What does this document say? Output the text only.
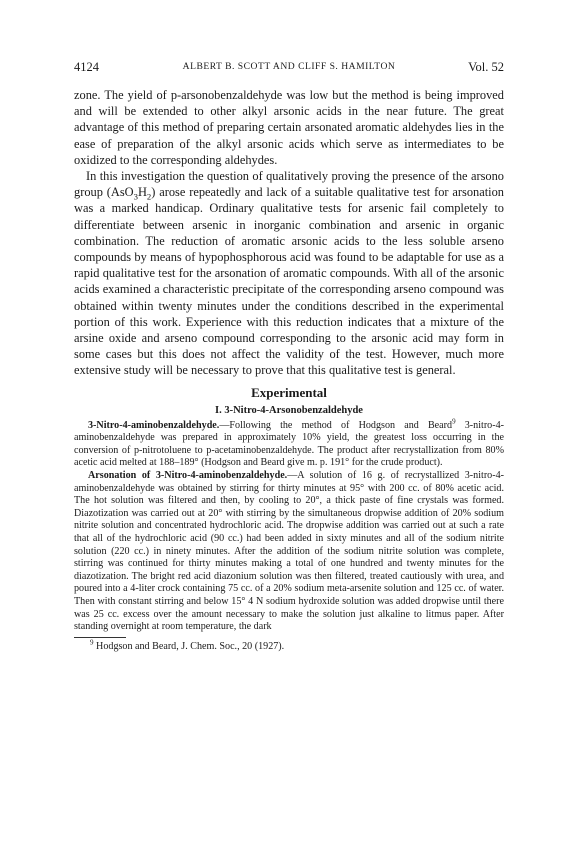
4124	ALBERT B. SCOTT AND CLIFF S. HAMILTON	Vol. 52

zone. The yield of p-arsonobenzaldehyde was low but the method is being improved and will be extended to other alkyl arsonic acids in the near future. The great advantage of this method of preparing certain arsonated aromatic aldehydes lies in the ease of preparation of the alkyl arsonic acids which serve as intermediates to be oxidized to the corresponding aldehydes.

In this investigation the question of qualitatively proving the presence of the arsono group $(AsO_3H_2)$ arose repeatedly and lack of a suitable qualitative test for arsonation was a marked handicap. Ordinary qualitative tests for arsenic fail completely to differentiate between arsenic in inorganic combination and arsenic in organic combination. The reduction of aromatic arsonic acids to the less soluble arseno compounds by means of hypophosphorous acid was found to be adaptable for use as a rapid qualitative test for the arsonation of aromatic compounds. With all of the arsonic acids examined a characteristic precipitate of the corresponding arseno compound was obtained within twenty minutes under the conditions described in the experimental portion of this work. Experience with this reduction indicates that a mixture of the arsine oxide and arseno compound corresponding to the arsonic acid may form in some cases but this does not affect the validity of the test. However, much more extensive study will be necessary to prove that this qualitative test is general.

Experimental
I. 3-Nitro-4-Arsonobenzaldehyde

3-Nitro-4-aminobenzaldehyde.—Following the method of Hodgson and Beard$^9$ 3-nitro-4-aminobenzaldehyde was prepared in approximately 10% yield, the greatest loss occurring in the conversion of p-nitrotoluene to p-acetaminobenzaldehyde. The product after recrystallization from 80% acetic acid melted at 188–189° (Hodgson and Beard give m. p. 191° for the crude product).

Arsonation of 3-Nitro-4-aminobenzaldehyde.—A solution of 16 g. of recrystallized 3-nitro-4-aminobenzaldehyde was obtained by stirring for thirty minutes at 95° with 200 cc. of 80% acetic acid. The hot solution was filtered and then, by cooling to 20°, a thick paste of fine crystals was formed. Diazotization was carried out at 20° with stirring by the simultaneous dropwise addition of 20% sodium nitrite solution and concentrated hydrochloric acid. The dropwise addition was carried out at such a rate that all of the hydrochloric acid (90 cc.) had been added in sixty minutes and all of the sodium nitrite solution (220 cc.) in ninety minutes. After the addition of the sodium nitrite solution was complete, stirring was continued for thirty minutes making a total of one hundred and twenty minutes for the diazotization. The bright red acid diazonium solution was then filtered, treated cautiously with urea, and poured into a 4-liter crock containing 75 cc. of a 20% sodium meta-arsenite solution and 125 cc. of water. Then with constant stirring and below 15° 4 N sodium hydroxide solution was added dropwise until there was 25 cc. excess over the amount necessary to make the solution just alkaline to litmus paper. After standing overnight at room temperature, the dark

$^9$ Hodgson and Beard, J. Chem. Soc., 20 (1927).
